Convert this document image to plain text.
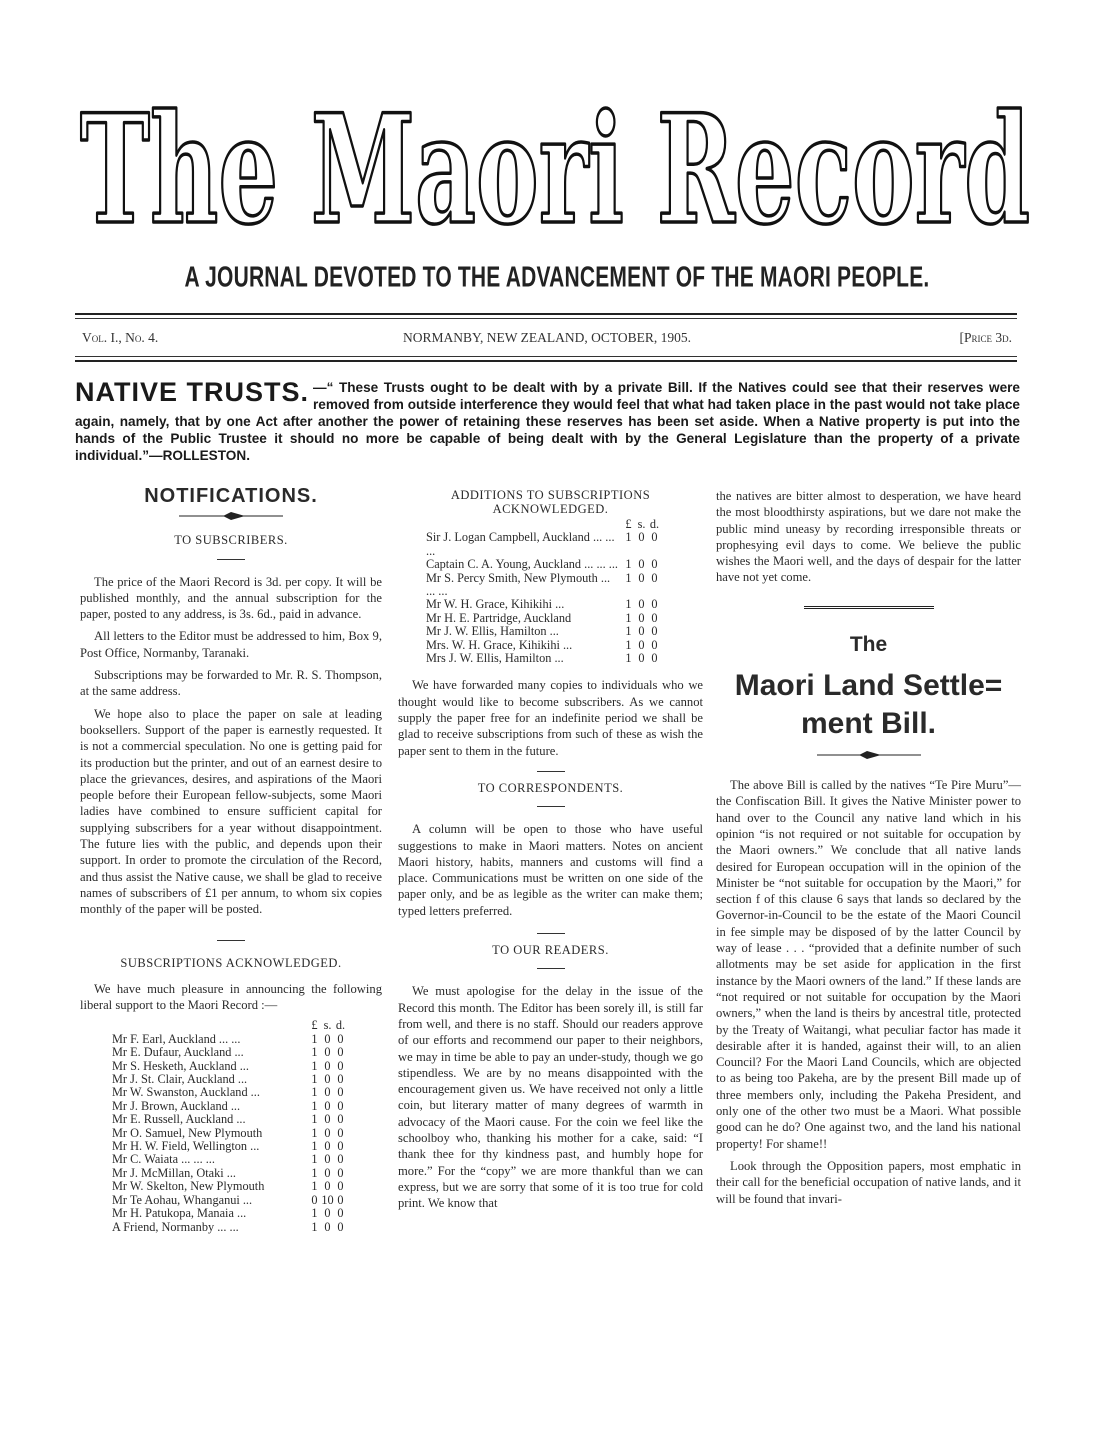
The Maori Record
A JOURNAL DEVOTED TO THE ADVANCEMENT OF THE MAORI PEOPLE.
Vol. I., No. 4.	NORMANBY, NEW ZEALAND, OCTOBER, 1905.	[Price 3d.
NATIVE TRUSTS. —“ These Trusts ought to be dealt with by a private Bill. If the Natives could see that their reserves were removed from outside interference they would feel that what had taken place in the past would not take place again, namely, that by one Act after another the power of retaining these reserves has been set aside. When a Native property is put into the hands of the Public Trustee it should no more be capable of being dealt with by the General Legislature than the property of a private individual.”—ROLLESTON.
NOTIFICATIONS.
TO SUBSCRIBERS.

The price of the Maori Record is 3d. per copy. It will be published monthly, and the annual subscription for the paper, posted to any address, is 3s. 6d., paid in advance.

All letters to the Editor must be addressed to him, Box 9, Post Office, Normanby, Taranaki.

Subscriptions may be forwarded to Mr. R. S. Thompson, at the same address.

We hope also to place the paper on sale at leading booksellers. Support of the paper is earnestly requested. It is not a commercial speculation. No one is getting paid for its production but the printer, and out of an earnest desire to place the grievances, desires, and aspirations of the Maori people before their European fellow-subjects, some Maori ladies have combined to ensure sufficient capital for supplying subscribers for a year without disappointment. The future lies with the public, and depends upon their support. In order to promote the circulation of the Record, and thus assist the Native cause, we shall be glad to receive names of subscribers of £1 per annum, to whom six copies monthly of the paper will be posted.

SUBSCRIPTIONS ACKNOWLEDGED.

We have much pleasure in announcing the following liberal support to the Maori Record :—

	£	s.	d.
Mr F. Earl, Auckland ... ...	1	0	0
Mr E. Dufaur, Auckland ...	1	0	0
Mr S. Hesketh, Auckland ...	1	0	0
Mr J. St. Clair, Auckland ...	1	0	0
Mr W. Swanston, Auckland ...	1	0	0
Mr J. Brown, Auckland ...	1	0	0
Mr E. Russell, Auckland ...	1	0	0
Mr O. Samuel, New Plymouth	1	0	0
Mr H. W. Field, Wellington ...	1	0	0
Mr C. Waiata ... ... ...	1	0	0
Mr J. McMillan, Otaki ...	1	0	0
Mr W. Skelton, New Plymouth	1	0	0
Mr Te Aohau, Whanganui ...	0	10	0
Mr H. Patukopa, Manaia ...	1	0	0
A Friend, Normanby ... ...	1	0	0
ADDITIONS TO SUBSCRIPTIONS ACKNOWLEDGED.
	£	s.	d.
Sir J. Logan Campbell, Auckland ... ... ...	1	0	0
Captain C. A. Young, Auckland ... ... ...	1	0	0
Mr S. Percy Smith, New Plymouth ... ... ...	1	0	0
Mr W. H. Grace, Kihikihi ...	1	0	0
Mr H. E. Partridge, Auckland	1	0	0
Mr J. W. Ellis, Hamilton ...	1	0	0
Mrs. W. H. Grace, Kihikihi ...	1	0	0
Mrs J. W. Ellis, Hamilton ...	1	0	0

We have forwarded many copies to individuals who we thought would like to become subscribers. As we cannot supply the paper free for an indefinite period we shall be glad to receive subscriptions from such of these as wish the paper sent to them in the future.

TO CORRESPONDENTS.

A column will be open to those who have useful suggestions to make in Maori matters. Notes on ancient Maori history, habits, manners and customs will find a place. Communications must be written on one side of the paper only, and be as legible as the writer can make them; typed letters preferred.

TO OUR READERS.

We must apologise for the delay in the issue of the Record this month. The Editor has been sorely ill, is still far from well, and there is no staff. Should our readers approve of our efforts and recommend our paper to their neighbors, we may in time be able to pay an under-study, though we go stipendless. We are by no means disappointed with the encouragement given us. We have received not only a little coin, but literary matter of many degrees of warmth in advocacy of the Maori cause. For the coin we feel like the schoolboy who, thanking his mother for a cake, said: “I thank thee for thy kindness past, and humbly hope for more.” For the “copy” we are more thankful than we can express, but we are sorry that some of it is too true for cold print. We know that

the natives are bitter almost to desperation, we have heard the most bloodthirsty aspirations, but we dare not make the public mind uneasy by recording irresponsible threats or prophesying evil days to come. We believe the public wishes the Maori well, and the days of despair for the latter have not yet come.

The
Maori Land Settle= ment Bill.

The above Bill is called by the natives “Te Pire Muru”—the Confiscation Bill. It gives the Native Minister power to hand over to the Council any native land which in his opinion “is not required or not suitable for occupation by the Maori owners.” We conclude that all native lands desired for European occupation will in the opinion of the Minister be “not suitable for occupation by the Maori,” for section f of this clause 6 says that lands so declared by the Governor-in-Council to be the estate of the Maori Council in fee simple may be disposed of by the latter Council by way of lease . . . “provided that a definite number of such allotments may be set aside for application in the first instance by the Maori owners of the land.” If these lands are “not required or not suitable for occupation by the Maori owners,” when the land is theirs by ancestral title, protected by the Treaty of Waitangi, what peculiar factor has made it desirable after it is handed, against their will, to an alien Council? For the Maori Land Councils, which are objected to as being too Pakeha, are by the present Bill made up of three members only, including the Pakeha President, and only one of the other two must be a Maori. What possible good can he do? One against two, and the land his national property! For shame!!

Look through the Opposition papers, most emphatic in their call for the beneficial occupation of native lands, and it will be found that invari-
